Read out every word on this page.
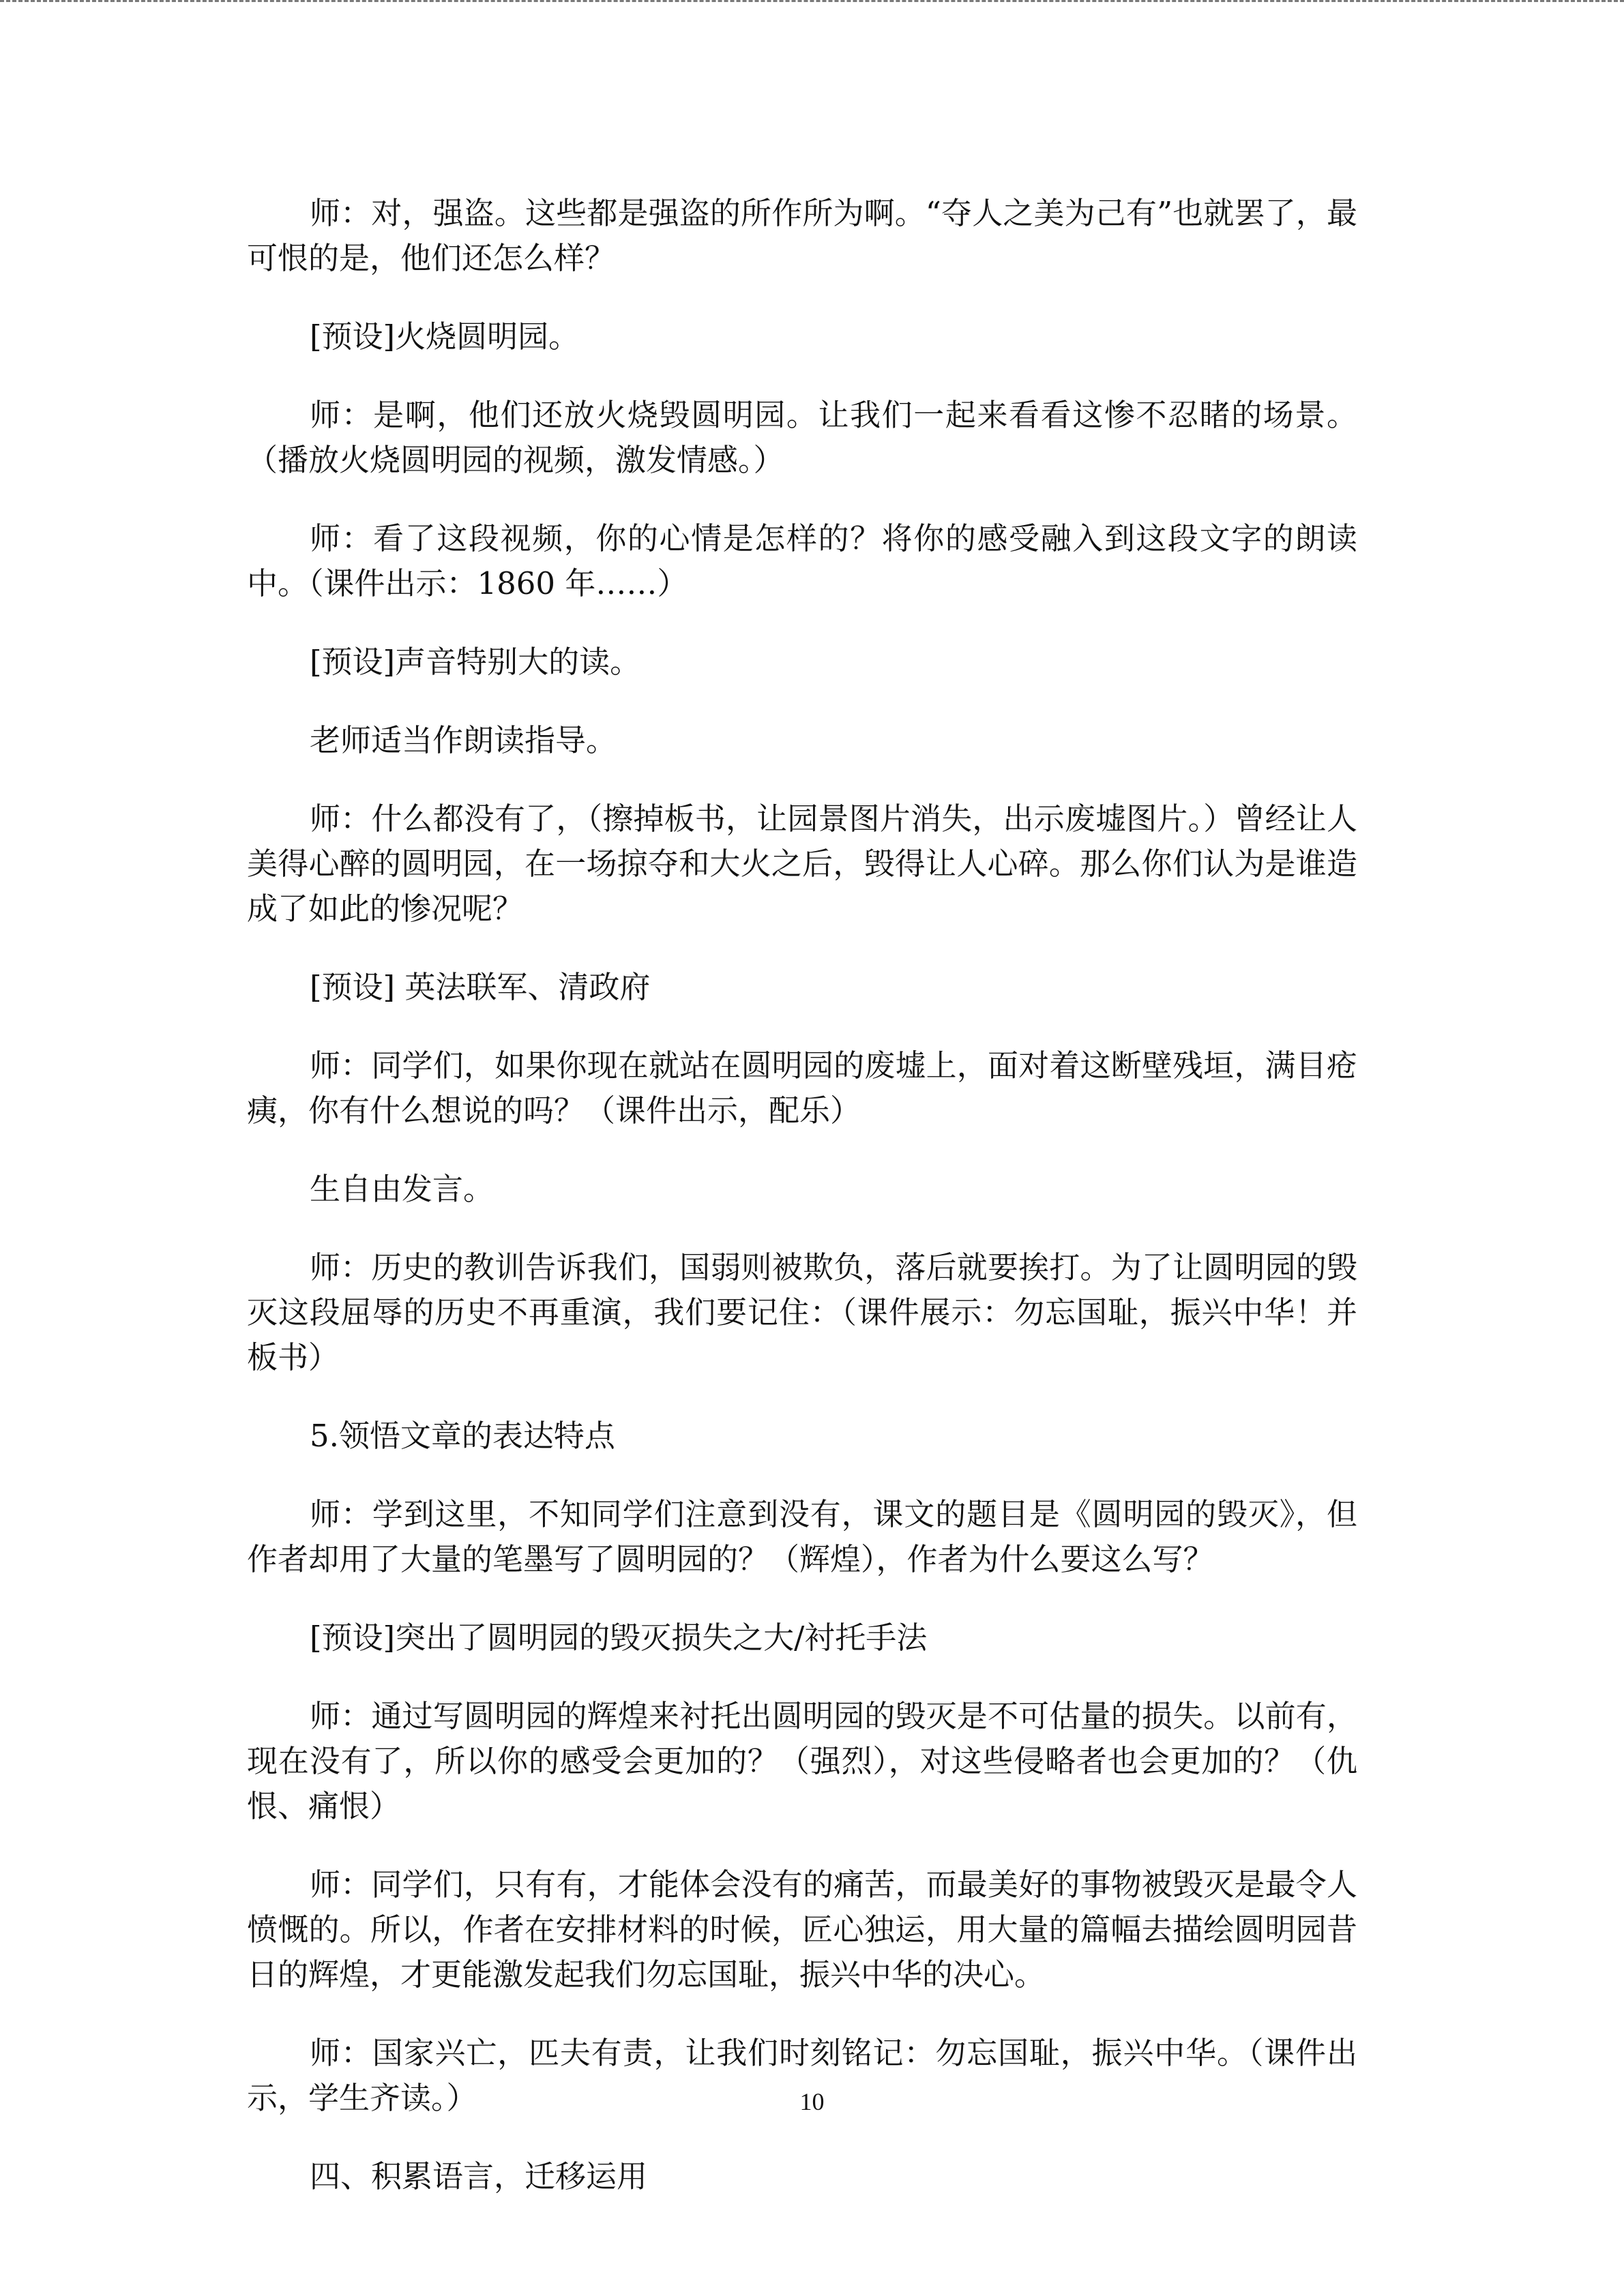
师：对，强盗。这些都是强盗的所作所为啊。“夺人之美为己有”也就罢了，最可恨的是，他们还怎么样？

[预设]火烧圆明园。

师：是啊，他们还放火烧毁圆明园。让我们一起来看看这惨不忍睹的场景。（播放火烧圆明园的视频，激发情感。）

师：看了这段视频，你的心情是怎样的？将你的感受融入到这段文字的朗读中。（课件出示：1860 年……）

[预设]声音特别大的读。

老师适当作朗读指导。

师：什么都没有了，（擦掉板书，让园景图片消失，出示废墟图片。）曾经让人美得心醉的圆明园，在一场掠夺和大火之后，毁得让人心碎。那么你们认为是谁造成了如此的惨况呢？

[预设] 英法联军、清政府

师：同学们，如果你现在就站在圆明园的废墟上，面对着这断壁残垣，满目疮痍，你有什么想说的吗？（课件出示，配乐）

生自由发言。

师：历史的教训告诉我们，国弱则被欺负，落后就要挨打。为了让圆明园的毁灭这段屈辱的历史不再重演，我们要记住：（课件展示：勿忘国耻，振兴中华！并板书）

5.领悟文章的表达特点

师：学到这里，不知同学们注意到没有，课文的题目是《圆明园的毁灭》，但作者却用了大量的笔墨写了圆明园的？（辉煌），作者为什么要这么写？

[预设]突出了圆明园的毁灭损失之大/衬托手法

师：通过写圆明园的辉煌来衬托出圆明园的毁灭是不可估量的损失。以前有，现在没有了，所以你的感受会更加的？（强烈），对这些侵略者也会更加的？（仇恨、痛恨）

师：同学们，只有有，才能体会没有的痛苦，而最美好的事物被毁灭是最令人愤慨的。所以，作者在安排材料的时候，匠心独运，用大量的篇幅去描绘圆明园昔日的辉煌，才更能激发起我们勿忘国耻，振兴中华的决心。

师：国家兴亡，匹夫有责，让我们时刻铭记：勿忘国耻，振兴中华。（课件出示，学生齐读。）

四、积累语言，迁移运用

10
